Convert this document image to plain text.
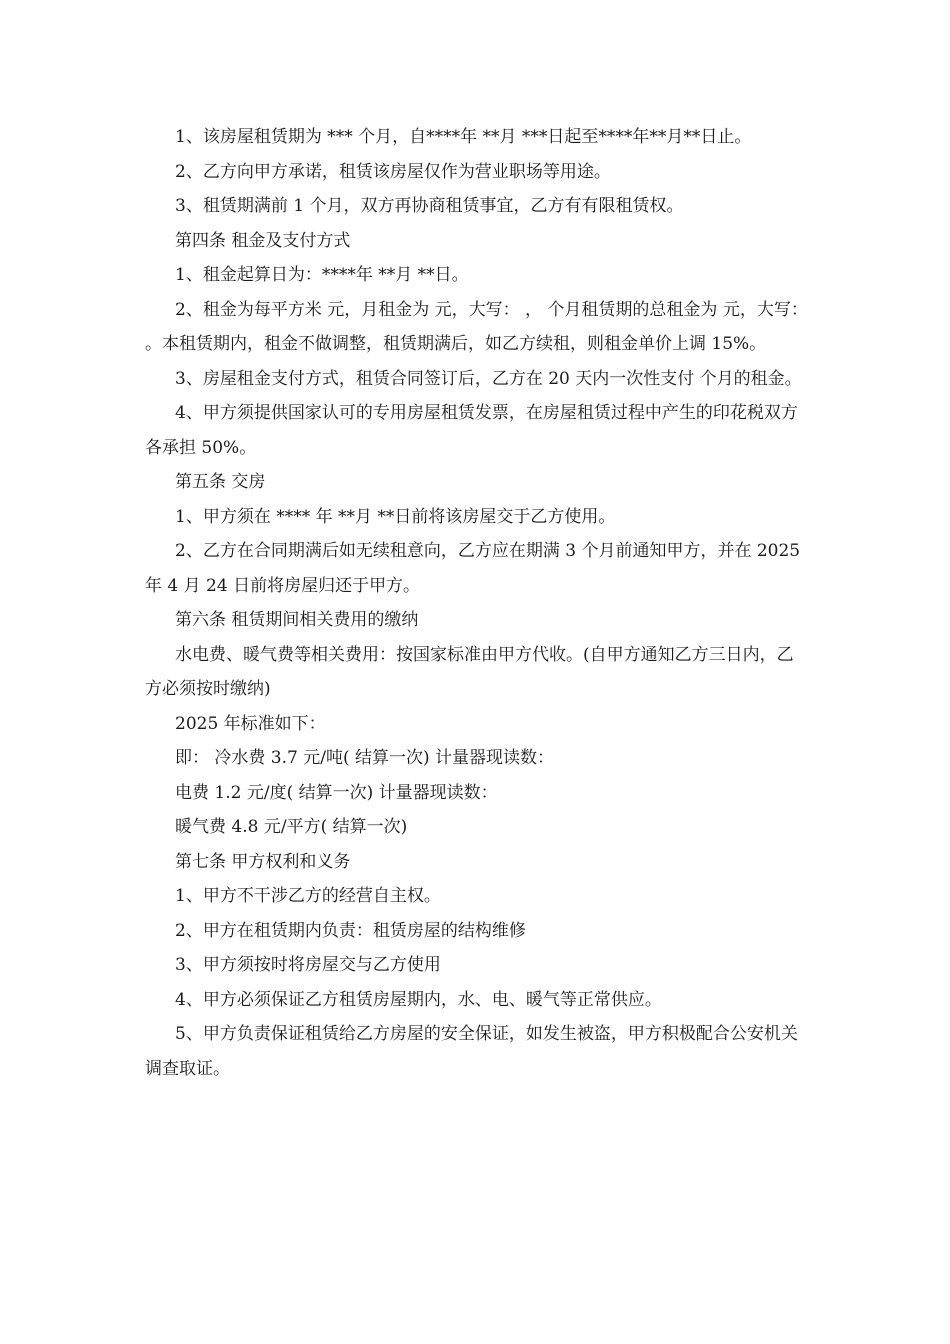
1、该房屋租赁期为 *** 个月，自****年 **月 ***日起至****年**月**日止。

2、乙方向甲方承诺，租赁该房屋仅作为营业职场等用途。

3、租赁期满前 1 个月，双方再协商租赁事宜，乙方有有限租赁权。

第四条 租金及支付方式

1、租金起算日为：****年 **月 **日。

2、租金为每平方米 元，月租金为 元，大写： ， 个月租赁期的总租金为 元，大写： 。本租赁期内，租金不做调整，租赁期满后，如乙方续租，则租金单价上调 15%。

3、房屋租金支付方式，租赁合同签订后，乙方在 20 天内一次性支付 个月的租金。

4、甲方须提供国家认可的专用房屋租赁发票，在房屋租赁过程中产生的印花税双方各承担 50%。

第五条 交房

1、甲方须在 **** 年 **月 **日前将该房屋交于乙方使用。

2、乙方在合同期满后如无续租意向，乙方应在期满 3 个月前通知甲方，并在 2025 年 4 月 24 日前将房屋归还于甲方。

第六条 租赁期间相关费用的缴纳

水电费、暖气费等相关费用：按国家标准由甲方代收。(自甲方通知乙方三日内，乙方必须按时缴纳)

2025 年标准如下：

即： 冷水费 3.7 元/吨( 结算一次) 计量器现读数：

电费 1.2 元/度( 结算一次) 计量器现读数：

暖气费 4.8 元/平方( 结算一次)

第七条 甲方权利和义务

1、甲方不干涉乙方的经营自主权。

2、甲方在租赁期内负责：租赁房屋的结构维修

3、甲方须按时将房屋交与乙方使用

4、甲方必须保证乙方租赁房屋期内，水、电、暖气等正常供应。

5、甲方负责保证租赁给乙方房屋的安全保证，如发生被盗，甲方积极配合公安机关调查取证。
